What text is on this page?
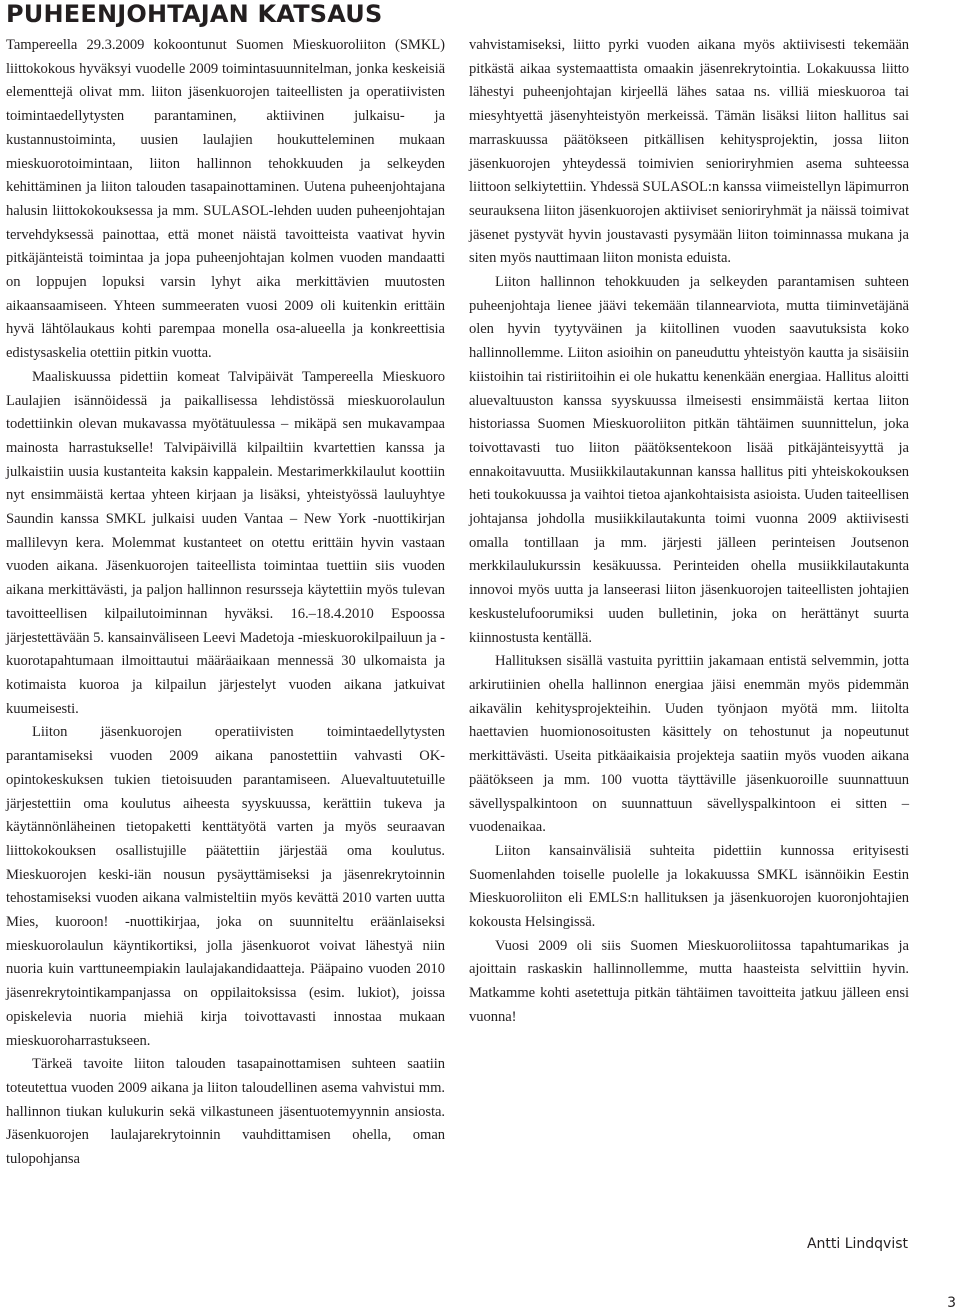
PUHEENJOHTAJAN KATSAUS

Tampereella 29.3.2009 kokoontunut Suomen Mieskuoroliiton (SMKL) liittokokous hyväksyi vuodelle 2009 toimintasuunnitelman, jonka keskeisiä elementtejä olivat mm. liiton jäsenkuorojen taiteellisten ja operatiivisten toimintaedellytysten parantaminen, aktiivinen julkaisu- ja kustannustoiminta, uusien laulajien houkutteleminen mukaan mieskuorotoimintaan, liiton hallinnon tehokkuuden ja selkeyden kehittäminen ja liiton talouden tasapainottaminen. Uutena puheenjohtajana halusin liittokokouksessa ja mm. SULASOL-lehden uuden puheenjohtajan tervehdyksessä painottaa, että monet näistä tavoitteista vaativat hyvin pitkäjänteistä toimintaa ja jopa puheenjohtajan kolmen vuoden mandaatti on loppujen lopuksi varsin lyhyt aika merkittävien muutosten aikaansaamiseen. Yhteen summeeraten vuosi 2009 oli kuitenkin erittäin hyvä lähtölaukaus kohti parempaa monella osa-alueella ja konkreettisia edistysaskelia otettiin pitkin vuotta.

Maaliskuussa pidettiin komeat Talvipäivät Tampereella Mieskuoro Laulajien isännöidessä ja paikallisessa lehdistössä mieskuorolaulun todettiinkin olevan mukavassa myötätuulessa – mikäpä sen mukavampaa mainosta harrastukselle! Talvipäivillä kilpailtiin kvartettien kanssa ja julkaistiin uusia kustanteita kaksin kappalein. Mestarimerkkilaulut koottiin nyt ensimmäistä kertaa yhteen kirjaan ja lisäksi, yhteistyössä lauluyhtye Saundin kanssa SMKL julkaisi uuden Vantaa – New York -nuottikirjan mallilevyn kera. Molemmat kustanteet on otettu erittäin hyvin vastaan vuoden aikana. Jäsenkuorojen taiteellista toimintaa tuettiin siis vuoden aikana merkittävästi, ja paljon hallinnon resursseja käytettiin myös tulevan tavoitteellisen kilpailutoiminnan hyväksi. 16.–18.4.2010 Espoossa järjestettävään 5. kansainväliseen Leevi Madetoja -mieskuorokilpailuun ja -kuorotapahtumaan ilmoittautui määräaikaan mennessä 30 ulkomaista ja kotimaista kuoroa ja kilpailun järjestelyt vuoden aikana jatkuivat kuumeisesti.

Liiton jäsenkuorojen operatiivisten toimintaedellytysten parantamiseksi vuoden 2009 aikana panostettiin vahvasti OK-opintokeskuksen tukien tietoisuuden parantamiseen. Aluevaltuutetuille järjestettiin oma koulutus aiheesta syyskuussa, kerättiin tukeva ja käytännönläheinen tietopaketti kenttätyötä varten ja myös seuraavan liittokokouksen osallistujille päätettiin järjestää oma koulutus. Mieskuorojen keski-iän nousun pysäyttämiseksi ja jäsenrekrytoinnin tehostamiseksi vuoden aikana valmisteltiin myös kevättä 2010 varten uutta Mies, kuoroon! -nuottikirjaa, joka on suunniteltu eräänlaiseksi mieskuorolaulun käyntikortiksi, jolla jäsenkuorot voivat lähestyä niin nuoria kuin varttuneempiakin laulajakandidaatteja. Pääpaino vuoden 2010 jäsenrekrytointikampanjassa on oppilaitoksissa (esim. lukiot), joissa opiskelevia nuoria miehiä kirja toivottavasti innostaa mukaan mieskuoroharrastukseen.

Tärkeä tavoite liiton talouden tasapainottamisen suhteen saatiin toteutettua vuoden 2009 aikana ja liiton taloudellinen asema vahvistui mm. hallinnon tiukan kulukurin sekä vilkastuneen jäsentuotemyynnin ansiosta. Jäsenkuorojen laulajarekrytoinnin vauhdittamisen ohella, oman tulopohjansa

vahvistamiseksi, liitto pyrki vuoden aikana myös aktiivisesti tekemään pitkästä aikaa systemaattista omaakin jäsenrekrytointia. Lokakuussa liitto lähestyi puheenjohtajan kirjeellä lähes sataa ns. villiä mieskuoroa tai miesyhtyettä jäsenyhteistyön merkeissä. Tämän lisäksi liiton hallitus sai marraskuussa päätökseen pitkällisen kehitysprojektin, jossa liiton jäsenkuorojen yhteydessä toimivien senioriryhmien asema suhteessa liittoon selkiytettiin. Yhdessä SULASOL:n kanssa viimeistellyn läpimurron seurauksena liiton jäsenkuorojen aktiiviset senioriryhmät ja näissä toimivat jäsenet pystyvät hyvin joustavasti pysymään liiton toiminnassa mukana ja siten myös nauttimaan liiton monista eduista.

Liiton hallinnon tehokkuuden ja selkeyden parantamisen suhteen puheenjohtaja lienee jäävi tekemään tilannearviota, mutta tiiminvetäjänä olen hyvin tyytyväinen ja kiitollinen vuoden saavutuksista koko hallinnollemme. Liiton asioihin on paneuduttu yhteistyön kautta ja sisäisiin kiistoihin tai ristiriitoihin ei ole hukattu kenenkään energiaa. Hallitus aloitti aluevaltuuston kanssa syyskuussa ilmeisesti ensimmäistä kertaa liiton historiassa Suomen Mieskuoroliiton pitkän tähtäimen suunnittelun, joka toivottavasti tuo liiton päätöksentekoon lisää pitkäjänteisyyttä ja ennakoitavuutta. Musiikkilautakunnan kanssa hallitus piti yhteiskokouksen heti toukokuussa ja vaihtoi tietoa ajankohtaisista asioista. Uuden taiteellisen johtajansa johdolla musiikkilautakunta toimi vuonna 2009 aktiivisesti omalla tontillaan ja mm. järjesti jälleen perinteisen Joutsenon merkkilaulukurssin kesäkuussa. Perinteiden ohella musiikkilautakunta innovoi myös uutta ja lanseerasi liiton jäsenkuorojen taiteellisten johtajien keskustelufoorumiksi uuden bulletinin, joka on herättänyt suurta kiinnostusta kentällä.

Hallituksen sisällä vastuita pyrittiin jakamaan entistä selvemmin, jotta arkirutiinien ohella hallinnon energiaa jäisi enemmän myös pidemmän aikavälin kehitysprojekteihin. Uuden työnjaon myötä mm. liitolta haettavien huomionosoitusten käsittely on tehostunut ja nopeutunut merkittävästi. Useita pitkäaikaisia projekteja saatiin myös vuoden aikana päätökseen ja mm. 100 vuotta täyttäville jäsenkuoroille suunnattuun sävellyspalkintoon on suunnattuun sävellyspalkintoon ei sitten – vuodenaikaa.

Liiton kansainvälisiä suhteita pidettiin kunnossa erityisesti Suomenlahden toiselle puolelle ja lokakuussa SMKL isännöikin Eestin Mieskuoroliiton eli EMLS:n hallituksen ja jäsenkuorojen kuoronjohtajien kokousta Helsingissä.

Vuosi 2009 oli siis Suomen Mieskuoroliitossa tapahtumarikas ja ajoittain raskaskin hallinnollemme, mutta haasteista selvittiin hyvin. Matkamme kohti asetettuja pitkän tähtäimen tavoitteita jatkuu jälleen ensi vuonna!

Antti Lindqvist
3
